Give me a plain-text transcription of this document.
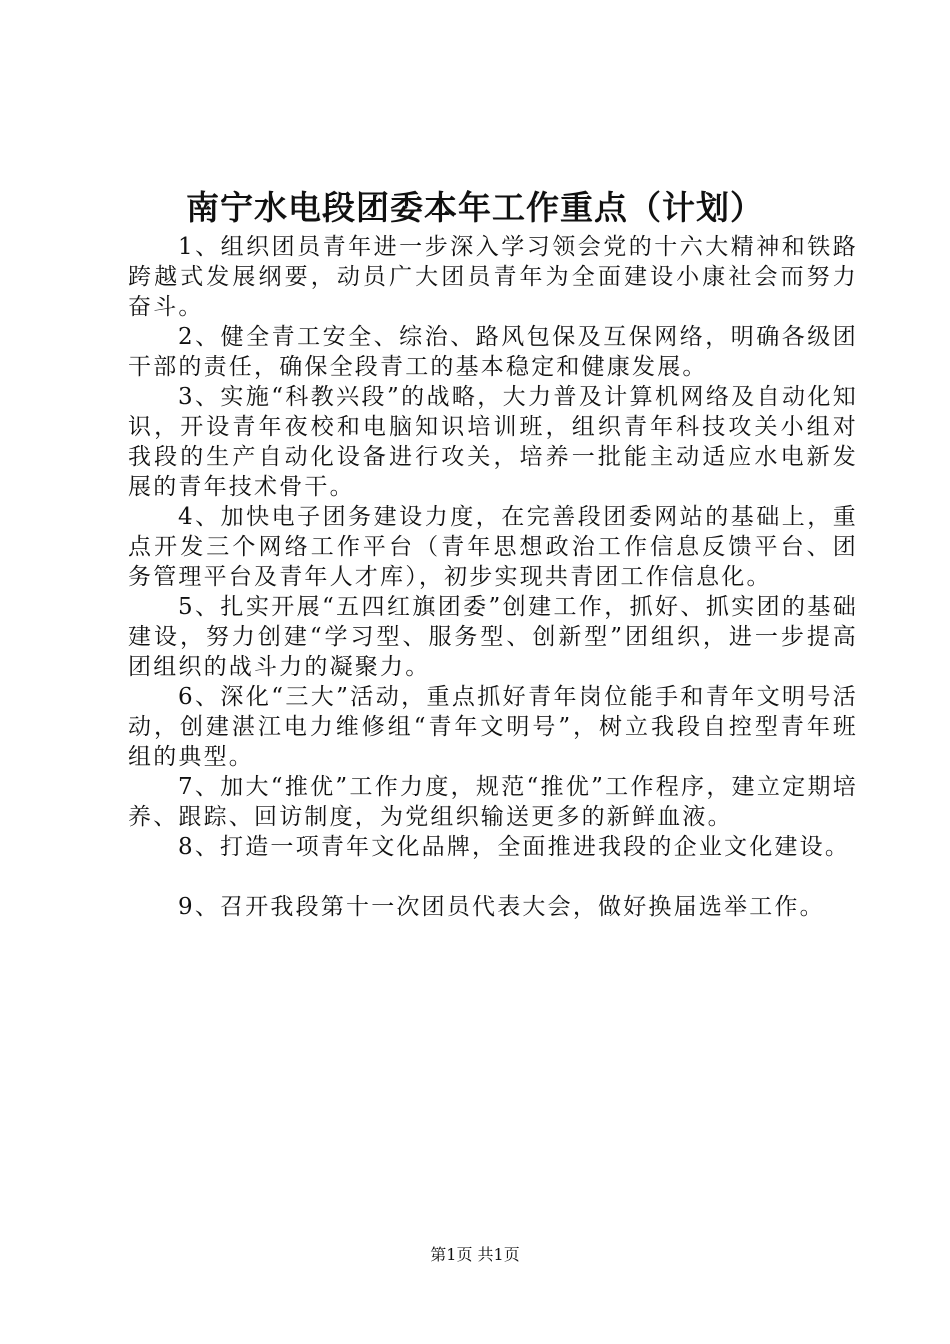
南宁水电段团委本年工作重点（计划）

1、组织团员青年进一步深入学习领会党的十六大精神和铁路跨越式发展纲要，动员广大团员青年为全面建设小康社会而努力奋斗。

2、健全青工安全、综治、路风包保及互保网络，明确各级团干部的责任，确保全段青工的基本稳定和健康发展。

3、实施“科教兴段”的战略，大力普及计算机网络及自动化知识，开设青年夜校和电脑知识培训班，组织青年科技攻关小组对我段的生产自动化设备进行攻关，培养一批能主动适应水电新发展的青年技术骨干。

4、加快电子团务建设力度，在完善段团委网站的基础上，重点开发三个网络工作平台（青年思想政治工作信息反馈平台、团务管理平台及青年人才库），初步实现共青团工作信息化。

5、扎实开展“五四红旗团委”创建工作，抓好、抓实团的基础建设，努力创建“学习型、服务型、创新型”团组织，进一步提高团组织的战斗力的凝聚力。

6、深化“三大”活动，重点抓好青年岗位能手和青年文明号活动，创建湛江电力维修组“青年文明号”，树立我段自控型青年班组的典型。

7、加大“推优”工作力度，规范“推优”工作程序，建立定期培养、跟踪、回访制度，为党组织输送更多的新鲜血液。

8、打造一项青年文化品牌，全面推进我段的企业文化建设。

9、召开我段第十一次团员代表大会，做好换届选举工作。

第1页 共1页
